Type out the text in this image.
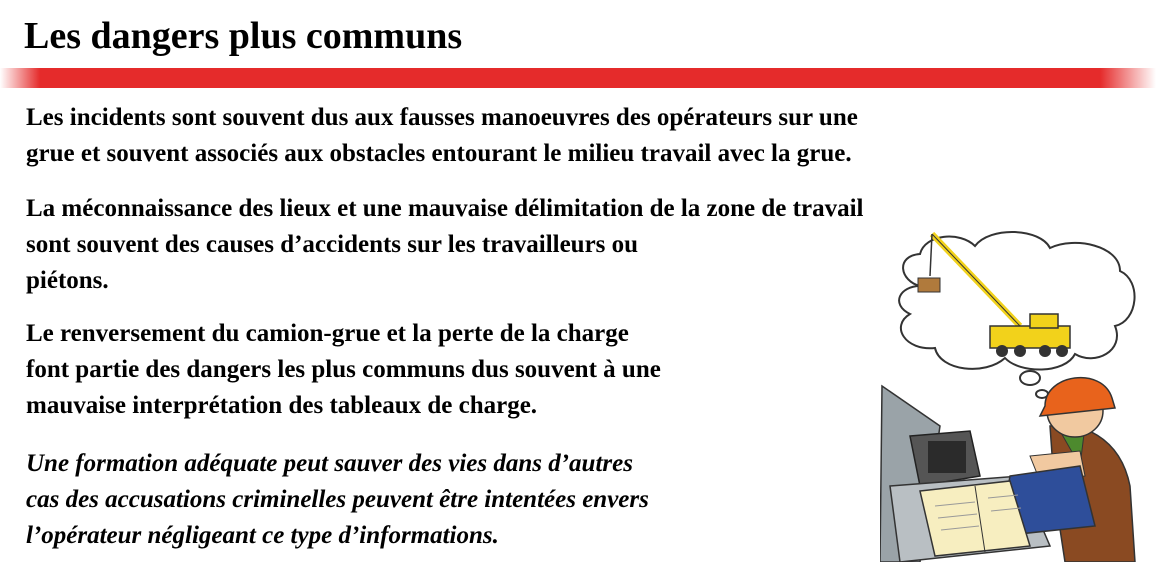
Les dangers plus communs

Les incidents sont souvent dus aux fausses manoeuvres des opérateurs sur une
grue et souvent associés aux obstacles entourant le milieu travail avec la grue.

La méconnaissance des lieux et une mauvaise délimitation de la zone de travail
sont souvent des causes d’accidents sur les travailleurs ou
piétons.

Le renversement du camion-grue et la perte de la charge
font partie des dangers les plus communs dus souvent à une
mauvaise interprétation des tableaux de charge.

Une formation adéquate peut sauver des vies dans d’autres
cas des accusations criminelles peuvent être intentées envers
l’opérateur négligeant ce type d’informations.
